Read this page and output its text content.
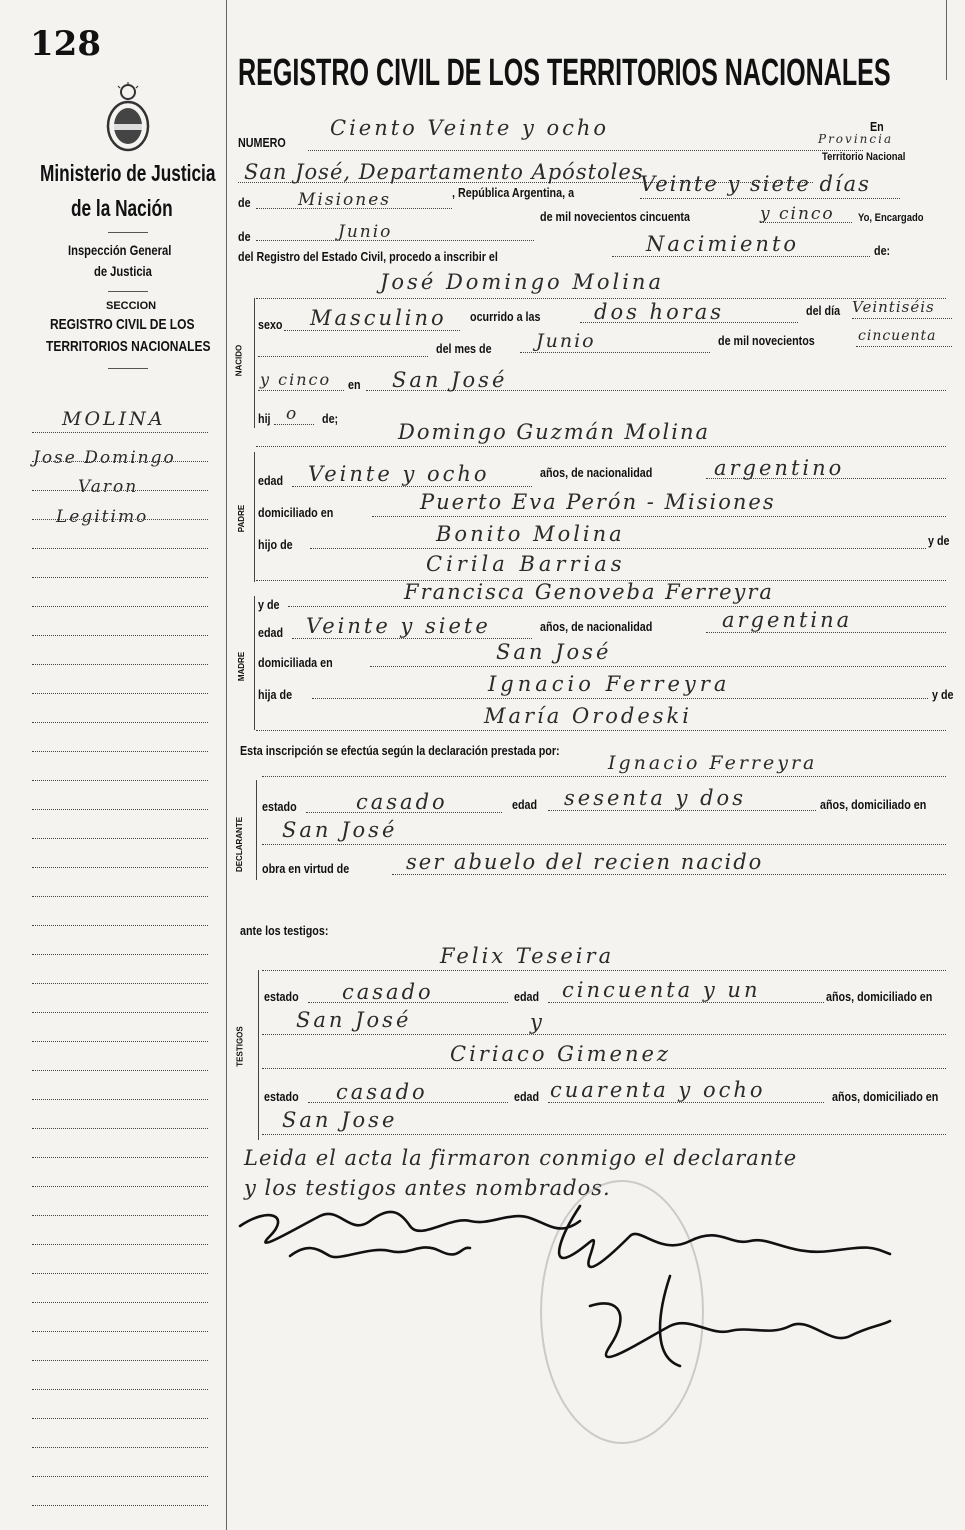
128
Ministerio de Justicia
de la Nación
Inspección General
de Justicia
SECCION
REGISTRO CIVIL DE LOS
TERRITORIOS NACIONALES
MOLINA
Jose Domingo
Varon
Legitimo
REGISTRO CIVIL DE LOS TERRITORIOS NACIONALES
NUMERO
Ciento Veinte y ocho	En
Provincia
Territorio Nacional
San José, Departamento Apóstoles
de	Misiones	, República Argentina, a	Veinte y siete días
de	Junio
de mil novecientos cincuenta	y cinco Yo, Encargado
del Registro del Estado Civil, procedo a inscribir el
Nacimiento	de:
José Domingo Molina
NACIDO
sexo Masculino ocurrido a las	dos horas	del día Veintiséis
del mes de Junio	de mil novecientos	cincuenta
y cinco en San José
hij o de;
Domingo Guzmán Molina
PADRE
edad Veinte y ocho	años, de nacionalidad	argentino
domiciliado en	Puerto Eva Perón - Misiones
hijo de	Bonito Molina	y de
Cirila Barrias
MADRE
y de
Francisca Genoveba Ferreyra
edad Veinte y siete	años, de nacionalidad	argentina
domiciliada en	San José
hija de	Ignacio Ferreyra	y de
María Orodeski
Esta inscripción se efectúa según la declaración prestada por:
Ignacio Ferreyra
DECLARANTE
estado	casado	edad sesenta y dos	años, domiciliado en
San José
obra en virtud de	ser abuelo del recien nacido
ante los testigos:
Felix Teseira
TESTIGOS
estado casado	edad cincuenta y un	años, domiciliado en
San José	y
Ciriaco Gimenez
estado casado	edad cuarenta y ocho	años, domiciliado en
San Jose
Leida el acta la firmaron conmigo el declarante
y los testigos antes nombrados.
